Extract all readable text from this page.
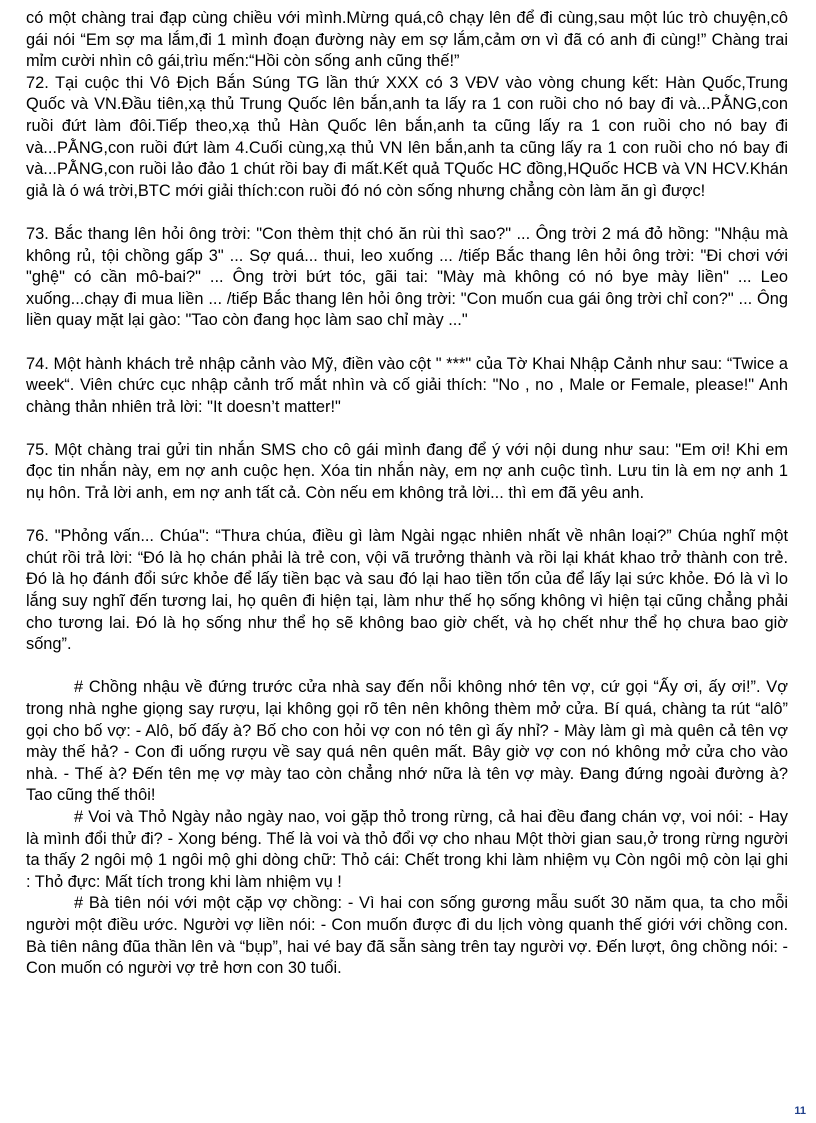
có một chàng trai đạp cùng chiều với mình.Mừng quá,cô chạy lên để đi cùng,sau một lúc trò chuyện,cô gái nói “Em sợ ma lắm,đi 1 mình đoạn đường này em sợ lắm,cảm ơn vì đã có anh đi cùng!” Chàng trai mỉm cười nhìn cô gái,trìu mến:“Hồi còn sống anh cũng thế!”

72. Tại cuộc thi Vô Địch Bắn Súng TG lần thứ XXX có 3 VĐV vào vòng chung kết: Hàn Quốc,Trung Quốc và VN.Đầu tiên,xạ thủ Trung Quốc lên bắn,anh ta lấy ra 1 con ruồi cho nó bay đi và...PẰNG,con ruồi đứt làm đôi.Tiếp theo,xạ thủ Hàn Quốc lên bắn,anh ta cũng lấy ra 1 con ruồi cho nó bay đi và...PẰNG,con ruồi đứt làm 4.Cuối cùng,xạ thủ VN lên bắn,anh ta cũng lấy ra 1 con ruồi cho nó bay đi và...PẰNG,con ruồi lảo đảo 1 chút rồi bay đi mất.Kết quả TQuốc HC đồng,HQuốc HCB và VN HCV.Khán giả là ó wá trời,BTC mới giải thích:con ruồi đó nó còn sống nhưng chẳng còn làm ăn gì được!

73. Bắc thang lên hỏi ông trời: "Con thèm thịt chó ăn rùi thì sao?" ... Ông trời 2 má đỏ hồng: "Nhậu mà không rủ, tội chồng gấp 3" ... Sợ quá... thui, leo xuống ... /tiếp Bắc thang lên hỏi ông trời: "Đi chơi với "ghệ" có cần mô-bai?" ... Ông trời bứt tóc, gãi tai: "Mày mà không có nó bye mày liền" ... Leo xuống...chạy đi mua liền ... /tiếp Bắc thang lên hỏi ông trời: "Con muốn cua gái ông trời chỉ con?" ... Ông liền quay mặt lại gào: "Tao còn đang học làm sao chỉ mày ..."

74. Một hành khách trẻ nhập cảnh vào Mỹ, điền vào cột " ***" của Tờ Khai Nhập Cảnh như sau: “Twice a week“. Viên chức cục nhập cảnh trố mắt nhìn và cố giải thích: "No , no , Male or Female, please!" Anh chàng thản nhiên trả lời: "It doesn’t matter!"

75. Một chàng trai gửi tin nhắn SMS cho cô gái mình đang để ý với nội dung như sau: "Em ơi! Khi em đọc tin nhắn này, em nợ anh cuộc hẹn. Xóa tin nhắn này, em nợ anh cuộc tình. Lưu tin là em nợ anh 1 nụ hôn. Trả lời anh, em nợ anh tất cả. Còn nếu em không trả lời... thì em đã yêu anh.

76. "Phỏng vấn... Chúa": “Thưa chúa, điều gì làm Ngài ngạc nhiên nhất về nhân loại?” Chúa nghĩ một chút rồi trả lời: “Đó là họ chán phải là trẻ con, vội vã trưởng thành và rồi lại khát khao trở thành con trẻ. Đó là họ đánh đổi sức khỏe để lấy tiền bạc và sau đó lại hao tiền tốn của để lấy lại sức khỏe. Đó là vì lo lắng suy nghĩ đến tương lai, họ quên đi hiện tại, làm như thế họ sống không vì hiện tại cũng chẳng phải cho tương lai. Đó là họ sống như thể họ sẽ không bao giờ chết, và họ chết như thể họ chưa bao giờ sống”.

# Chồng nhậu về đứng trước cửa nhà say đến nỗi không nhớ tên vợ, cứ gọi “Ấy ơi, ấy ơi!”. Vợ trong nhà nghe giọng say rượu, lại không gọi rõ tên nên không thèm mở cửa. Bí quá, chàng ta rút “alô” gọi cho bố vợ: - Alô, bố đấy à? Bố cho con hỏi vợ con nó tên gì ấy nhỉ? - Mày làm gì mà quên cả tên vợ mày thế hả? - Con đi uống rượu về say quá nên quên mất. Bây giờ vợ con nó không mở cửa cho vào nhà. - Thế à? Đến tên mẹ vợ mày tao còn chẳng nhớ nữa là tên vợ mày. Đang đứng ngoài đường à? Tao cũng thế thôi!

# Voi và Thỏ Ngày nảo ngày nao, voi gặp thỏ trong rừng, cả hai đều đang chán vợ, voi nói: - Hay là mình đổi thử đi? - Xong béng. Thế là voi và thỏ đổi vợ cho nhau Một thời gian sau,ở trong rừng người ta thấy 2 ngôi mộ 1 ngôi mộ ghi dòng chữ: Thỏ cái: Chết trong khi làm nhiệm vụ Còn ngôi mộ còn lại ghi : Thỏ đực: Mất tích trong khi làm nhiệm vụ !

# Bà tiên nói với một cặp vợ chồng: - Vì hai con sống gương mẫu suốt 30 năm qua, ta cho mỗi người một điều ước. Người vợ liền nói: - Con muốn được đi du lịch vòng quanh thế giới với chồng con. Bà tiên nâng đũa thần lên và “bụp”, hai vé bay đã sẵn sàng trên tay người vợ. Đến lượt, ông chồng nói: - Con muốn có người vợ trẻ hơn con 30 tuổi.

11
